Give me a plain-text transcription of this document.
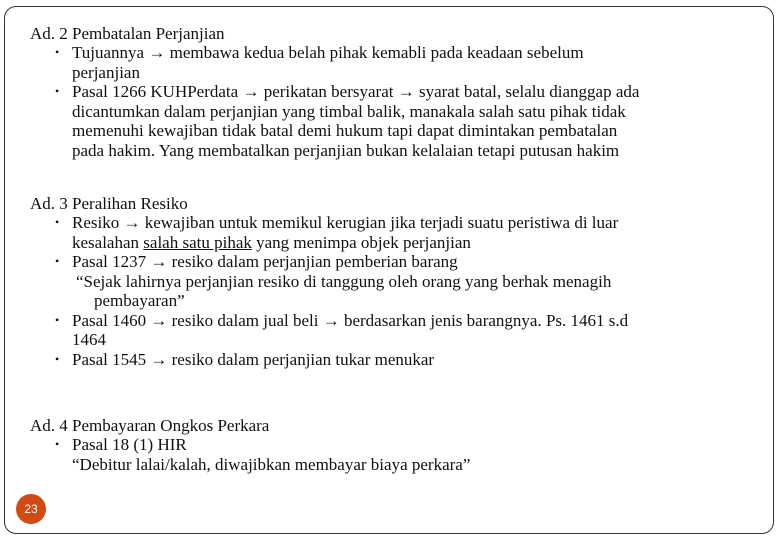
Ad. 2 Pembatalan Perjanjian

• Tujuannya → membawa kedua belah pihak kemabli pada keadaan sebelum
perjanjian
• Pasal 1266 KUHPerdata → perikatan bersyarat → syarat batal, selalu dianggap ada
dicantumkan dalam perjanjian yang timbal balik, manakala salah satu pihak tidak
memenuhi kewajiban tidak batal demi hukum tapi dapat dimintakan pembatalan
pada hakim. Yang membatalkan perjanjian bukan kelalaian tetapi putusan hakim

Ad. 3 Peralihan Resiko

• Resiko → kewajiban untuk memikul kerugian jika terjadi suatu peristiwa di luar
kesalahan salah satu pihak yang menimpa objek perjanjian
• Pasal 1237 → resiko dalam perjanjian pemberian barang
“Sejak lahirnya perjanjian resiko di tanggung oleh orang yang berhak menagih
pembayaran”
• Pasal 1460 → resiko dalam jual beli → berdasarkan jenis barangnya. Ps. 1461 s.d
1464
• Pasal 1545 → resiko dalam perjanjian tukar menukar

Ad. 4 Pembayaran Ongkos Perkara

• Pasal 18 (1) HIR
“Debitur lalai/kalah, diwajibkan membayar biaya perkara”
23
